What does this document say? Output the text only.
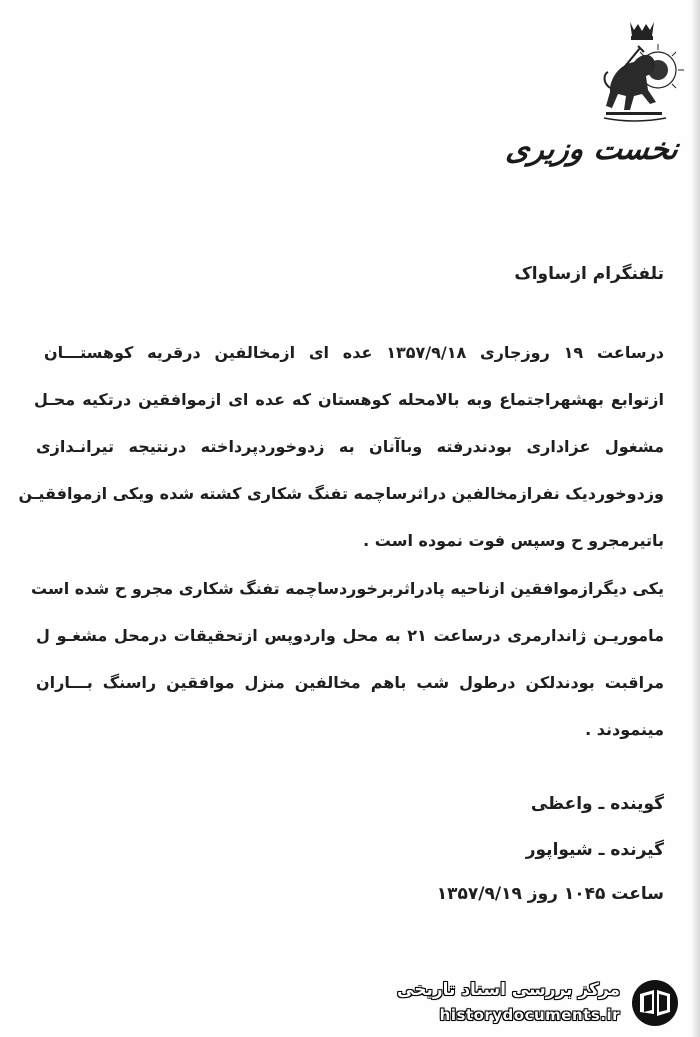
نخست وزیری
تلفنگرام ازساواک
درساعت ۱۹ روزجاری ۱۳۵۷/۹/۱۸ عده ای ازمخالفین درقریه کوهستـــان
ازتوابع بهشهراجتماع وبه بالامحله کوهستان که عده ای ازموافقین درتکیه محـل
مشغول عزاداری بودندرفته وباآنان به زدوخوردپرداخته درنتیجه تیرانـدازی
وزدوخوردیک نفرازمخالفین دراثرساچمه تفنگ شکاری کشته شده ویکی ازموافقیـن
باتیرمجرو ح وسپس فوت نموده است .
یکی دیگرازموافقین ازناحیه پادراثربرخوردساچمه تفنگ شکاری مجرو ح شده است
ماموریـن ژاندارمری درساعت ۲۱ به محل واردوپس ازتحقیقات درمحل مشغـو ل
مراقبت بودندلکن درطول شب باهم مخالفین منزل موافقین راسنگ بـــاران
مینمودند .
گوینده ـ واعظی
گیرنده ـ شیواپور
ساعت ۱۰۴۵ روز ۱۳۵۷/۹/۱۹
مرکز بررسی اسناد تاریخی
historydocuments.ir
